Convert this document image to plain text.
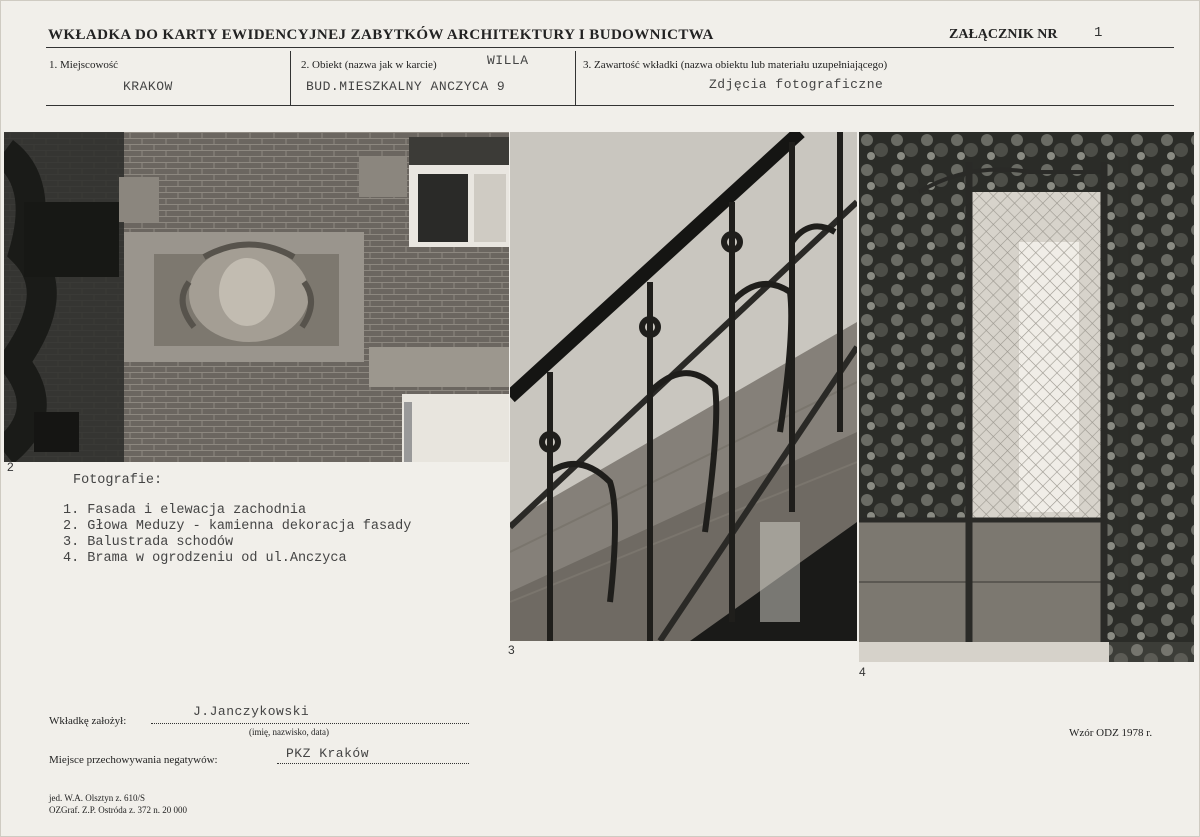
WKŁADKA DO KARTY EWIDENCYJNEJ ZABYTKÓW ARCHITEKTURY I BUDOWNICTWA	ZAŁĄCZNIK NR	1
1. Miejscowość
KRAKOW
2. Obiekt (nazwa jak w karcie)	WILLA
BUD.MIESZKALNY ANCZYCA 9
3. Zawartość wkładki (nazwa obiektu lub materiału uzupełniającego)
Zdjęcia fotograficzne
2
3
4
Fotografie:
1. Fasada i elewacja zachodnia
2. Głowa Meduzy - kamienna dekoracja fasady
3. Balustrada schodów
4. Brama w ogrodzeniu od ul.Anczyca
Wkładkę założył:
J.Janczykowski
(imię, nazwisko, data)
Miejsce przechowywania negatywów:	PKZ Kraków
Wzór ODZ 1978 r.
jed. W.A. Olsztyn z. 610/S
OZGraf. Z.P. Ostróda z. 372 n. 20 000
